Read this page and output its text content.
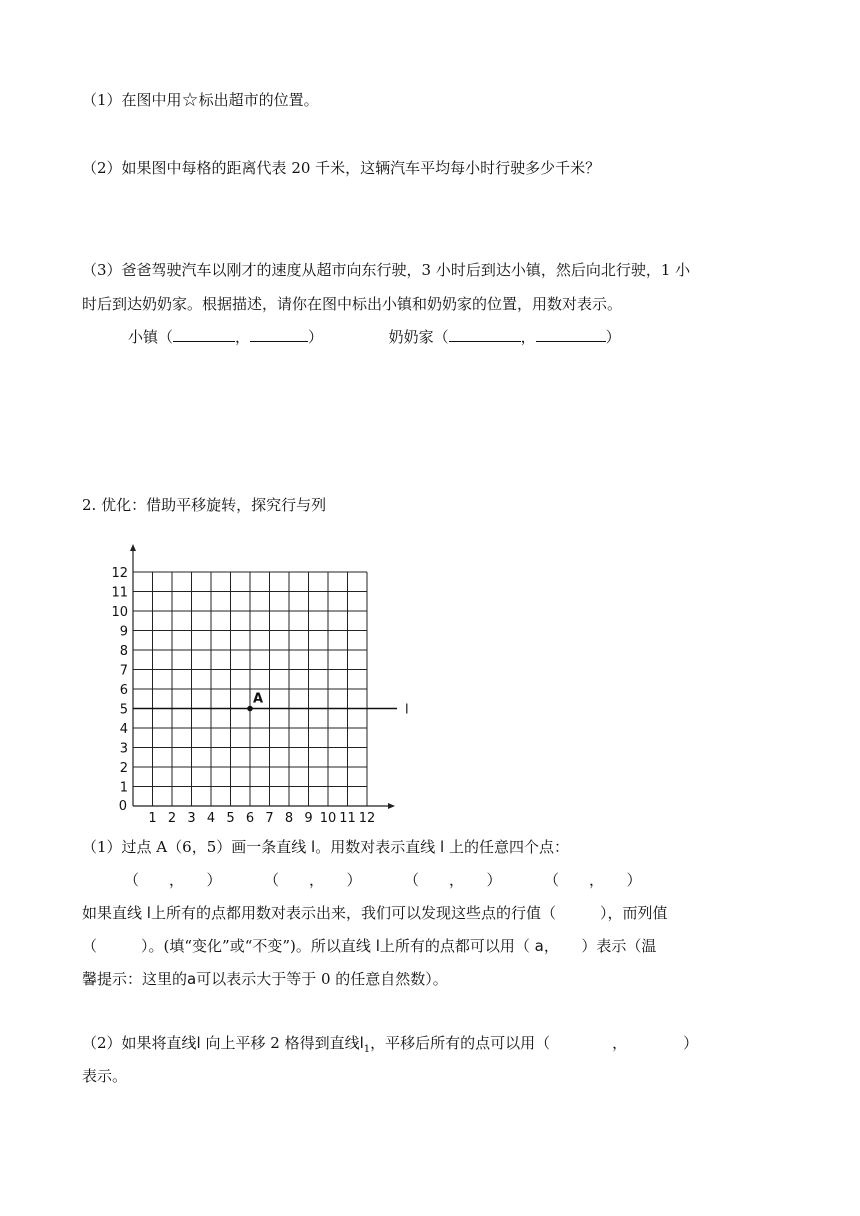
（1）在图中用☆标出超市的位置。
（2）如果图中每格的距离代表 20 千米，这辆汽车平均每小时行驶多少千米？
（3）爸爸驾驶汽车以刚才的速度从超市向东行驶，3 小时后到达小镇，然后向北行驶，1 小
时后到达奶奶家。根据描述，请你在图中标出小镇和奶奶家的位置，用数对表示。
小镇（	，	）	奶奶家（	，	）
2. 优化：借助平移旋转，探究行与列
1 2 3 4 5 6 7 8 9 10 11 12
1
2
3
4
5
6
7
8
9
10
11
12
0
l
A
（1）过点 A（6，5）画一条直线 l。用数对表示直线 l 上的任意四个点：
（　　，　　）	（　　，　　）	（　　，　　）	（　　，　　）
如果直线 l上所有的点都用数对表示出来，我们可以发现这些点的行值（	），而列值
（	）。(填“变化”或“不变”)。所以直线 l上所有的点都可以用（ a，　　）表示（温
馨提示：这里的a可以表示大于等于 0 的任意自然数）。
（2）如果将直线l 向上平移 2 格得到直线$l_1$，平移后所有的点可以用（	，	）
表示。
